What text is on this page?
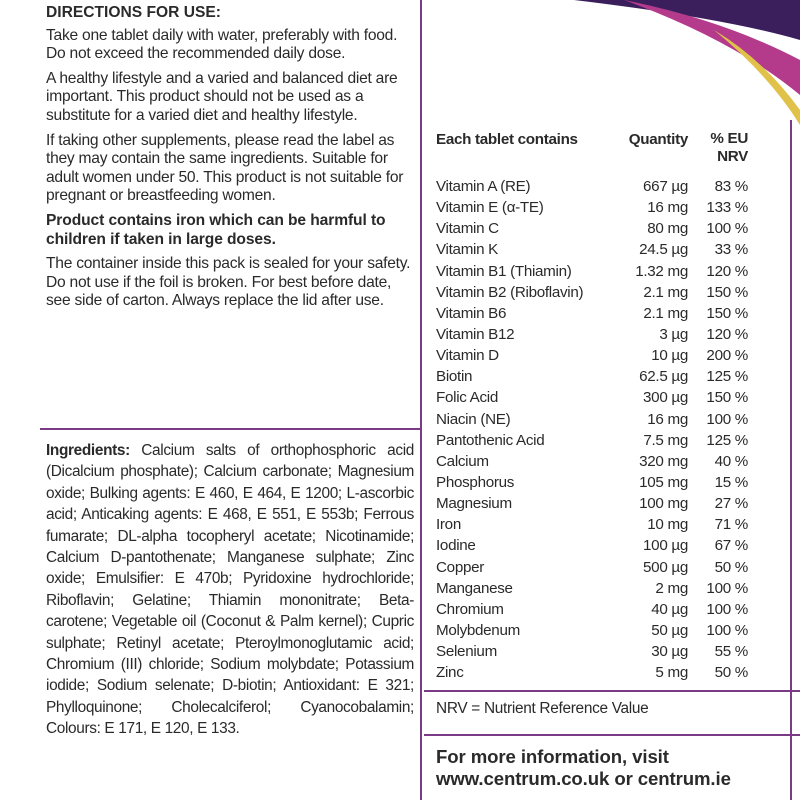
DIRECTIONS FOR USE:

Take one tablet daily with water, preferably with food. Do not exceed the recommended daily dose.

A healthy lifestyle and a varied and balanced diet are important. This product should not be used as a substitute for a varied diet and healthy lifestyle.

If taking other supplements, please read the label as they may contain the same ingredients. Suitable for adult women under 50. This product is not suitable for pregnant or breastfeeding women.

Product contains iron which can be harmful to children if taken in large doses.

The container inside this pack is sealed for your safety. Do not use if the foil is broken. For best before date, see side of carton. Always replace the lid after use.

Ingredients: Calcium salts of orthophosphoric acid (Dicalcium phosphate); Calcium carbonate; Magnesium oxide; Bulking agents: E 460, E 464, E 1200; L-ascorbic acid; Anticaking agents: E 468, E 551, E 553b; Ferrous fumarate; DL-alpha tocopheryl acetate; Nicotinamide; Calcium D-pantothenate; Manganese sulphate; Zinc oxide; Emulsifier: E 470b; Pyridoxine hydrochloride; Riboflavin; Gelatine; Thiamin mononitrate; Beta-carotene; Vegetable oil (Coconut & Palm kernel); Cupric sulphate; Retinyl acetate; Pteroylmonoglutamic acid; Chromium (III) chloride; Sodium molybdate; Potassium iodide; Sodium selenate; D-biotin; Antioxidant: E 321; Phylloquinone; Cholecalciferol; Cyanocobalamin; Colours: E 171, E 120, E 133.
Each tablet contains	Quantity	% EU
NRV
Vitamin A (RE)	667 µg	83 %
Vitamin E (α-TE)	16 mg	133 %
Vitamin C	80 mg	100 %
Vitamin K	24.5 µg	33 %
Vitamin B1 (Thiamin)	1.32 mg	120 %
Vitamin B2 (Riboflavin)	2.1 mg	150 %
Vitamin B6	2.1 mg	150 %
Vitamin B12	3 µg	120 %
Vitamin D	10 µg	200 %
Biotin	62.5 µg	125 %
Folic Acid	300 µg	150 %
Niacin (NE)	16 mg	100 %
Pantothenic Acid	7.5 mg	125 %
Calcium	320 mg	40 %
Phosphorus	105 mg	15 %
Magnesium	100 mg	27 %
Iron	10 mg	71 %
Iodine	100 µg	67 %
Copper	500 µg	50 %
Manganese	2 mg	100 %
Chromium	40 µg	100 %
Molybdenum	50 µg	100 %
Selenium	30 µg	55 %
Zinc	5 mg	50 %
NRV = Nutrient Reference Value
For more information, visit
www.centrum.co.uk or centrum.ie
